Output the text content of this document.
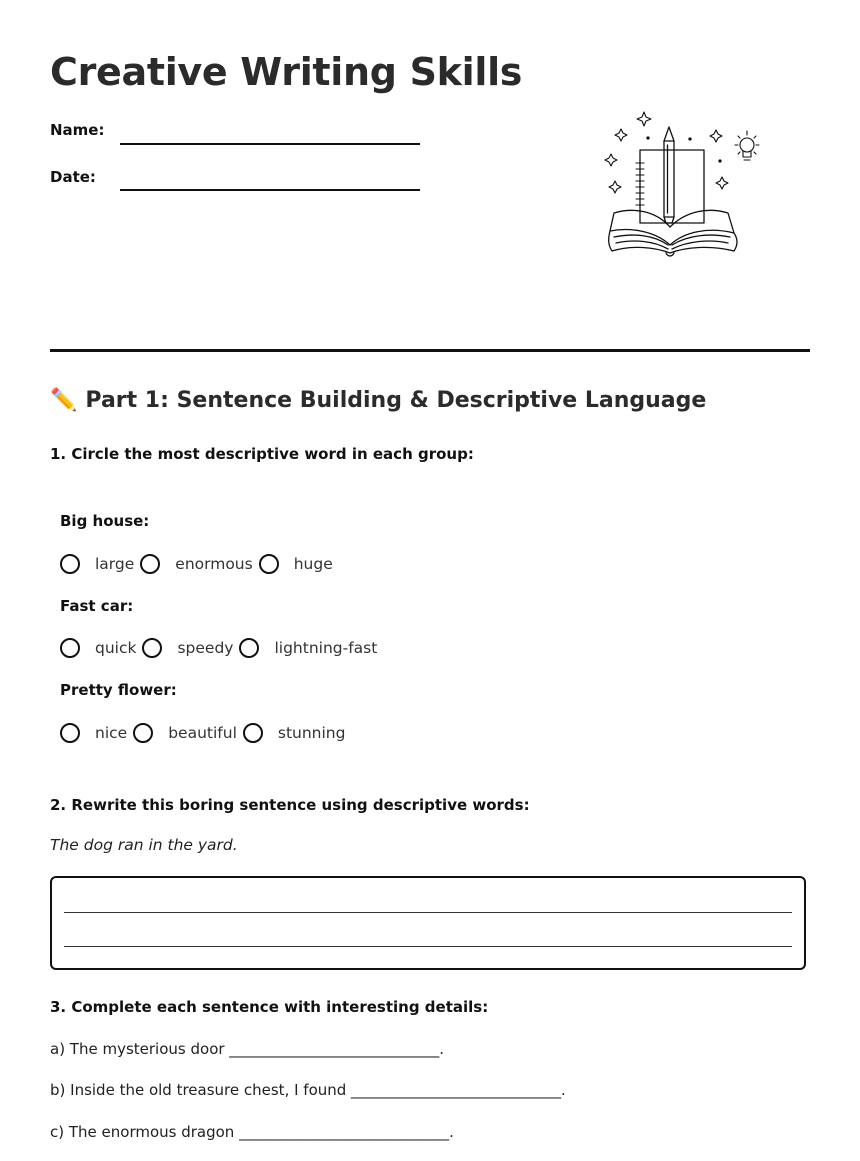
Creative Writing Skills
Name:
Date:
✏️ Part 1: Sentence Building & Descriptive Language
1. Circle the most descriptive word in each group:
Big house:
large	enormous	huge
Fast car:
quick	speedy	lightning-fast
Pretty flower:
nice	beautiful	stunning
2. Rewrite this boring sentence using descriptive words:
The dog ran in the yard.
3. Complete each sentence with interesting details:
a) The mysterious door ____________________________.
b) Inside the old treasure chest, I found ____________________________.
c) The enormous dragon ____________________________.
